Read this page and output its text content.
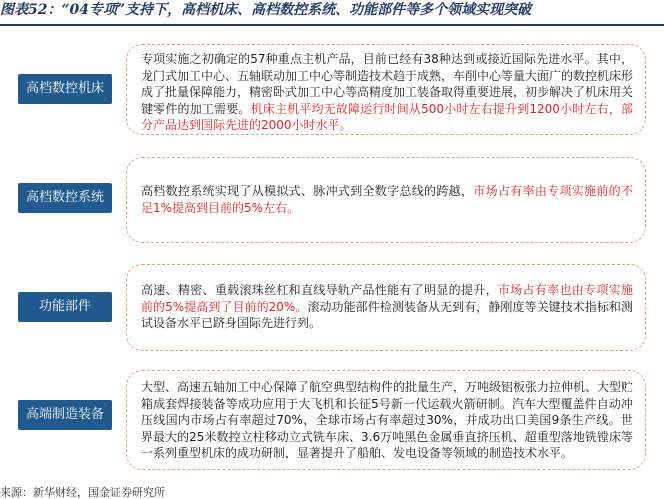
图表52：“04专项”支持下，高档机床、高档数控系统、功能部件等多个领域实现突破
高档数控机床
专项实施之初确定的57种重点主机产品，目前已经有38种达到或接近国际先进水平。其中，龙门式加工中心、五轴联动加工中心等制造技术趋于成熟，车削中心等量大面广的数控机床形成了批量保障能力，精密卧式加工中心等高精度加工装备取得重要进展，初步解决了机床用关键零件的加工需要。机床主机平均无故障运行时间从500小时左右提升到1200小时左右，部分产品达到国际先进的2000小时水平。
高档数控系统	高档数控系统实现了从模拟式、脉冲式到全数字总线的跨越，市场占有率由专项实施前的不足1%提高到目前的5%左右。
功能部件
高速、精密、重载滚珠丝杠和直线导轨产品性能有了明显的提升，市场占有率也由专项实施前的5%提高到了目前的20%。滚动功能部件检测装备从无到有，静刚度等关键技术指标和测试设备水平已跻身国际先进行列。
高端制造装备
大型、高速五轴加工中心保障了航空典型结构件的批量生产，万吨级铝板张力拉伸机、大型贮箱成套焊接装备等成功应用于大飞机和长征5号新一代运载火箭研制。汽车大型覆盖件自动冲压线国内市场占有率超过70%，全球市场占有率超过30%，并成功出口美国9条生产线。世界最大的25米数控立柱移动立式铣车床、3.6万吨黑色金属垂直挤压机、超重型落地铣镗床等一系列重型机床的成功研制，显著提升了船舶、发电设备等领域的制造技术水平。
来源：新华财经，国金证券研究所
